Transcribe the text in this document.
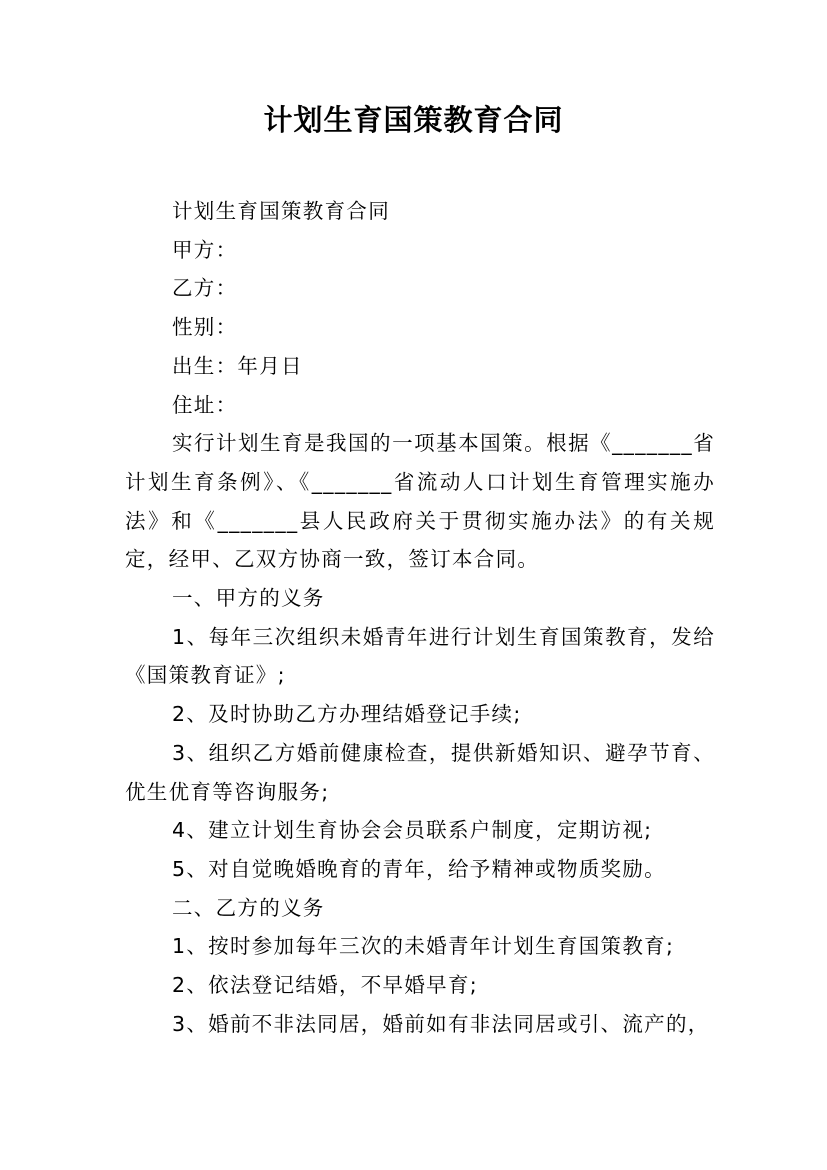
计划生育国策教育合同

计划生育国策教育合同

甲方：

乙方：

性别：

出生：年月日

住址：

实行计划生育是我国的一项基本国策。根据《_______省计划生育条例》、《_______省流动人口计划生育管理实施办法》和《_______县人民政府关于贯彻实施办法》的有关规定，经甲、乙双方协商一致，签订本合同。

一、甲方的义务

1、每年三次组织未婚青年进行计划生育国策教育，发给《国策教育证》;

2、及时协助乙方办理结婚登记手续;

3、组织乙方婚前健康检查，提供新婚知识、避孕节育、优生优育等咨询服务;

4、建立计划生育协会会员联系户制度，定期访视;

5、对自觉晚婚晚育的青年，给予精神或物质奖励。

二、乙方的义务

1、按时参加每年三次的未婚青年计划生育国策教育;

2、依法登记结婚，不早婚早育;

3、婚前不非法同居，婚前如有非法同居或引、流产的，
